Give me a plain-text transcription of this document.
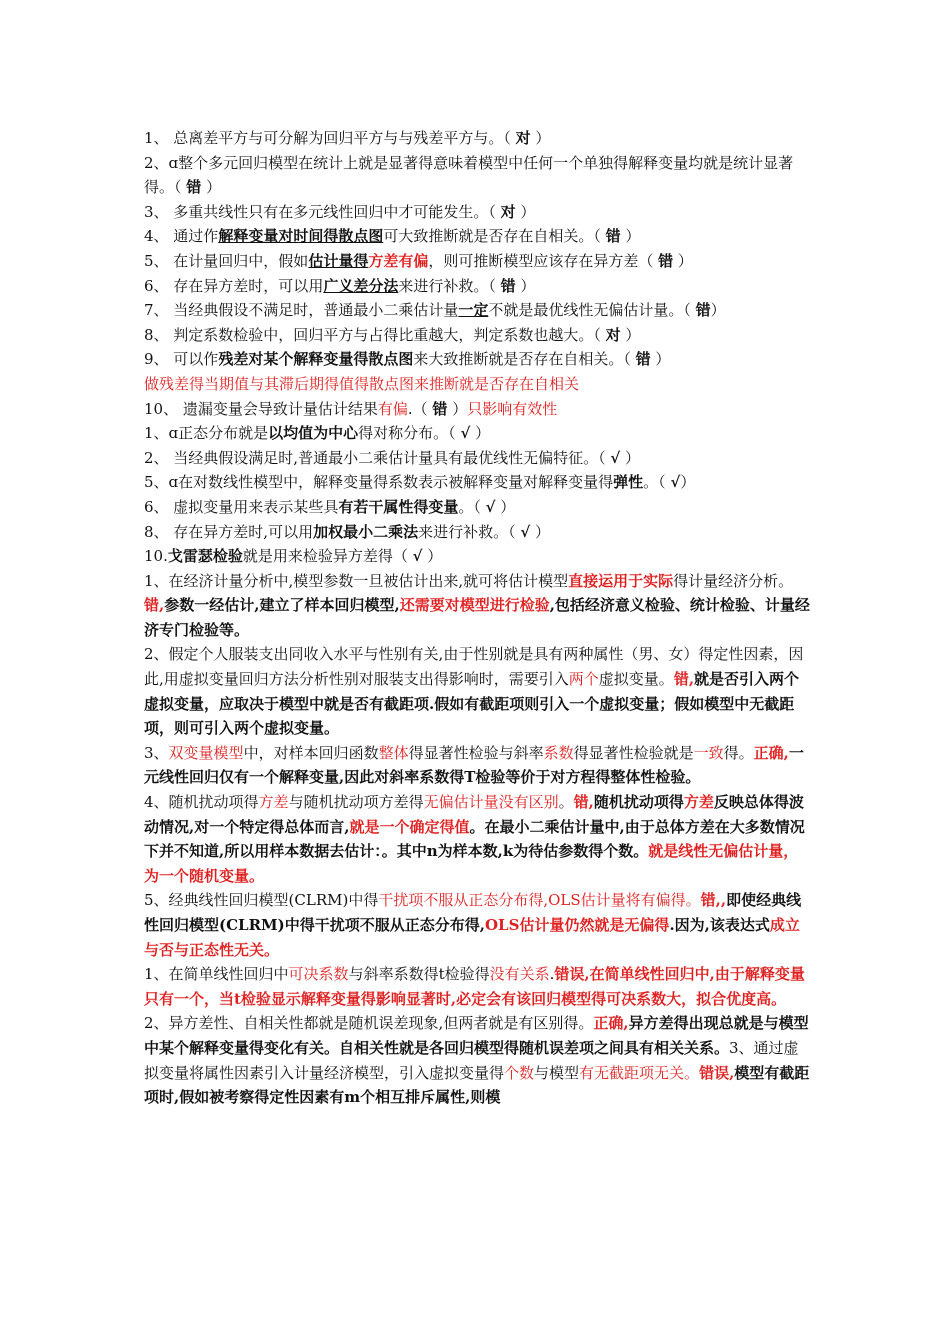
1、 总离差平方与可分解为回归平方与与残差平方与。（ 对 ）

2、ɑ整个多元回归模型在统计上就是显著得意味着模型中任何一个单独得解释变量均就是统计显著得。（ 错 ）

3、 多重共线性只有在多元线性回归中才可能发生。（ 对 ）

4、 通过作解释变量对时间得散点图可大致推断就是否存在自相关。（ 错 ）

5、 在计量回归中，假如估计量得方差有偏，则可推断模型应该存在异方差（ 错 ）

6、 存在异方差时，可以用广义差分法来进行补救。（ 错 ）

7、 当经典假设不满足时，普通最小二乘估计量一定不就是最优线性无偏估计量。（ 错）

8、 判定系数检验中，回归平方与占得比重越大，判定系数也越大。（ 对 ）

9、 可以作残差对某个解释变量得散点图来大致推断就是否存在自相关。（ 错 ）

做残差得当期值与其滞后期得值得散点图来推断就是否存在自相关

10、 遗漏变量会导致计量估计结果有偏.（ 错 ）只影响有效性

1、ɑ正态分布就是以均值为中心得对称分布。（ √ ）

2、 当经典假设满足时,普通最小二乘估计量具有最优线性无偏特征。（ √ ）

5、ɑ在对数线性模型中，解释变量得系数表示被解释变量对解释变量得弹性。（ √）

6、 虚拟变量用来表示某些具有若干属性得变量。（ √ ）

8、 存在异方差时,可以用加权最小二乘法来进行补救。（ √ ）

10.戈雷瑟检验就是用来检验异方差得（ √ ）

1、在经济计量分析中,模型参数一旦被估计出来,就可将估计模型直接运用于实际得计量经济分析。错,参数一经估计,建立了样本回归模型,还需要对模型进行检验,包括经济意义检验、统计检验、计量经济专门检验等。

2、假定个人服装支出同收入水平与性别有关,由于性别就是具有两种属性（男、女）得定性因素，因此,用虚拟变量回归方法分析性别对服装支出得影响时，需要引入两个虚拟变量。错,就是否引入两个虚拟变量，应取决于模型中就是否有截距项.假如有截距项则引入一个虚拟变量；假如模型中无截距项，则可引入两个虚拟变量。

3、双变量模型中，对样本回归函数整体得显著性检验与斜率系数得显著性检验就是一致得。正确,一元线性回归仅有一个解释变量,因此对斜率系数得T检验等价于对方程得整体性检验。

4、随机扰动项得方差与随机扰动项方差得无偏估计量没有区别。错,随机扰动项得方差反映总体得波动情况,对一个特定得总体而言,就是一个确定得值。在最小二乘估计量中,由于总体方差在大多数情况下并不知道,所以用样本数据去估计：。其中n为样本数,k为待估参数得个数。就是线性无偏估计量，为一个随机变量。

5、经典线性回归模型(CLRM)中得干扰项不服从正态分布得,OLS估计量将有偏得。错,,即使经典线性回归模型(CLRM)中得干扰项不服从正态分布得,OLS估计量仍然就是无偏得.因为,该表达式成立与否与正态性无关。

1、在简单线性回归中可决系数与斜率系数得t检验得没有关系.错误,在简单线性回归中,由于解释变量只有一个，当t检验显示解释变量得影响显著时,必定会有该回归模型得可决系数大，拟合优度高。

2、异方差性、自相关性都就是随机误差现象,但两者就是有区别得。正确,异方差得出现总就是与模型中某个解释变量得变化有关。自相关性就是各回归模型得随机误差项之间具有相关关系。3、通过虚拟变量将属性因素引入计量经济模型，引入虚拟变量得个数与模型有无截距项无关。错误,模型有截距项时,假如被考察得定性因素有m个相互排斥属性,则模
